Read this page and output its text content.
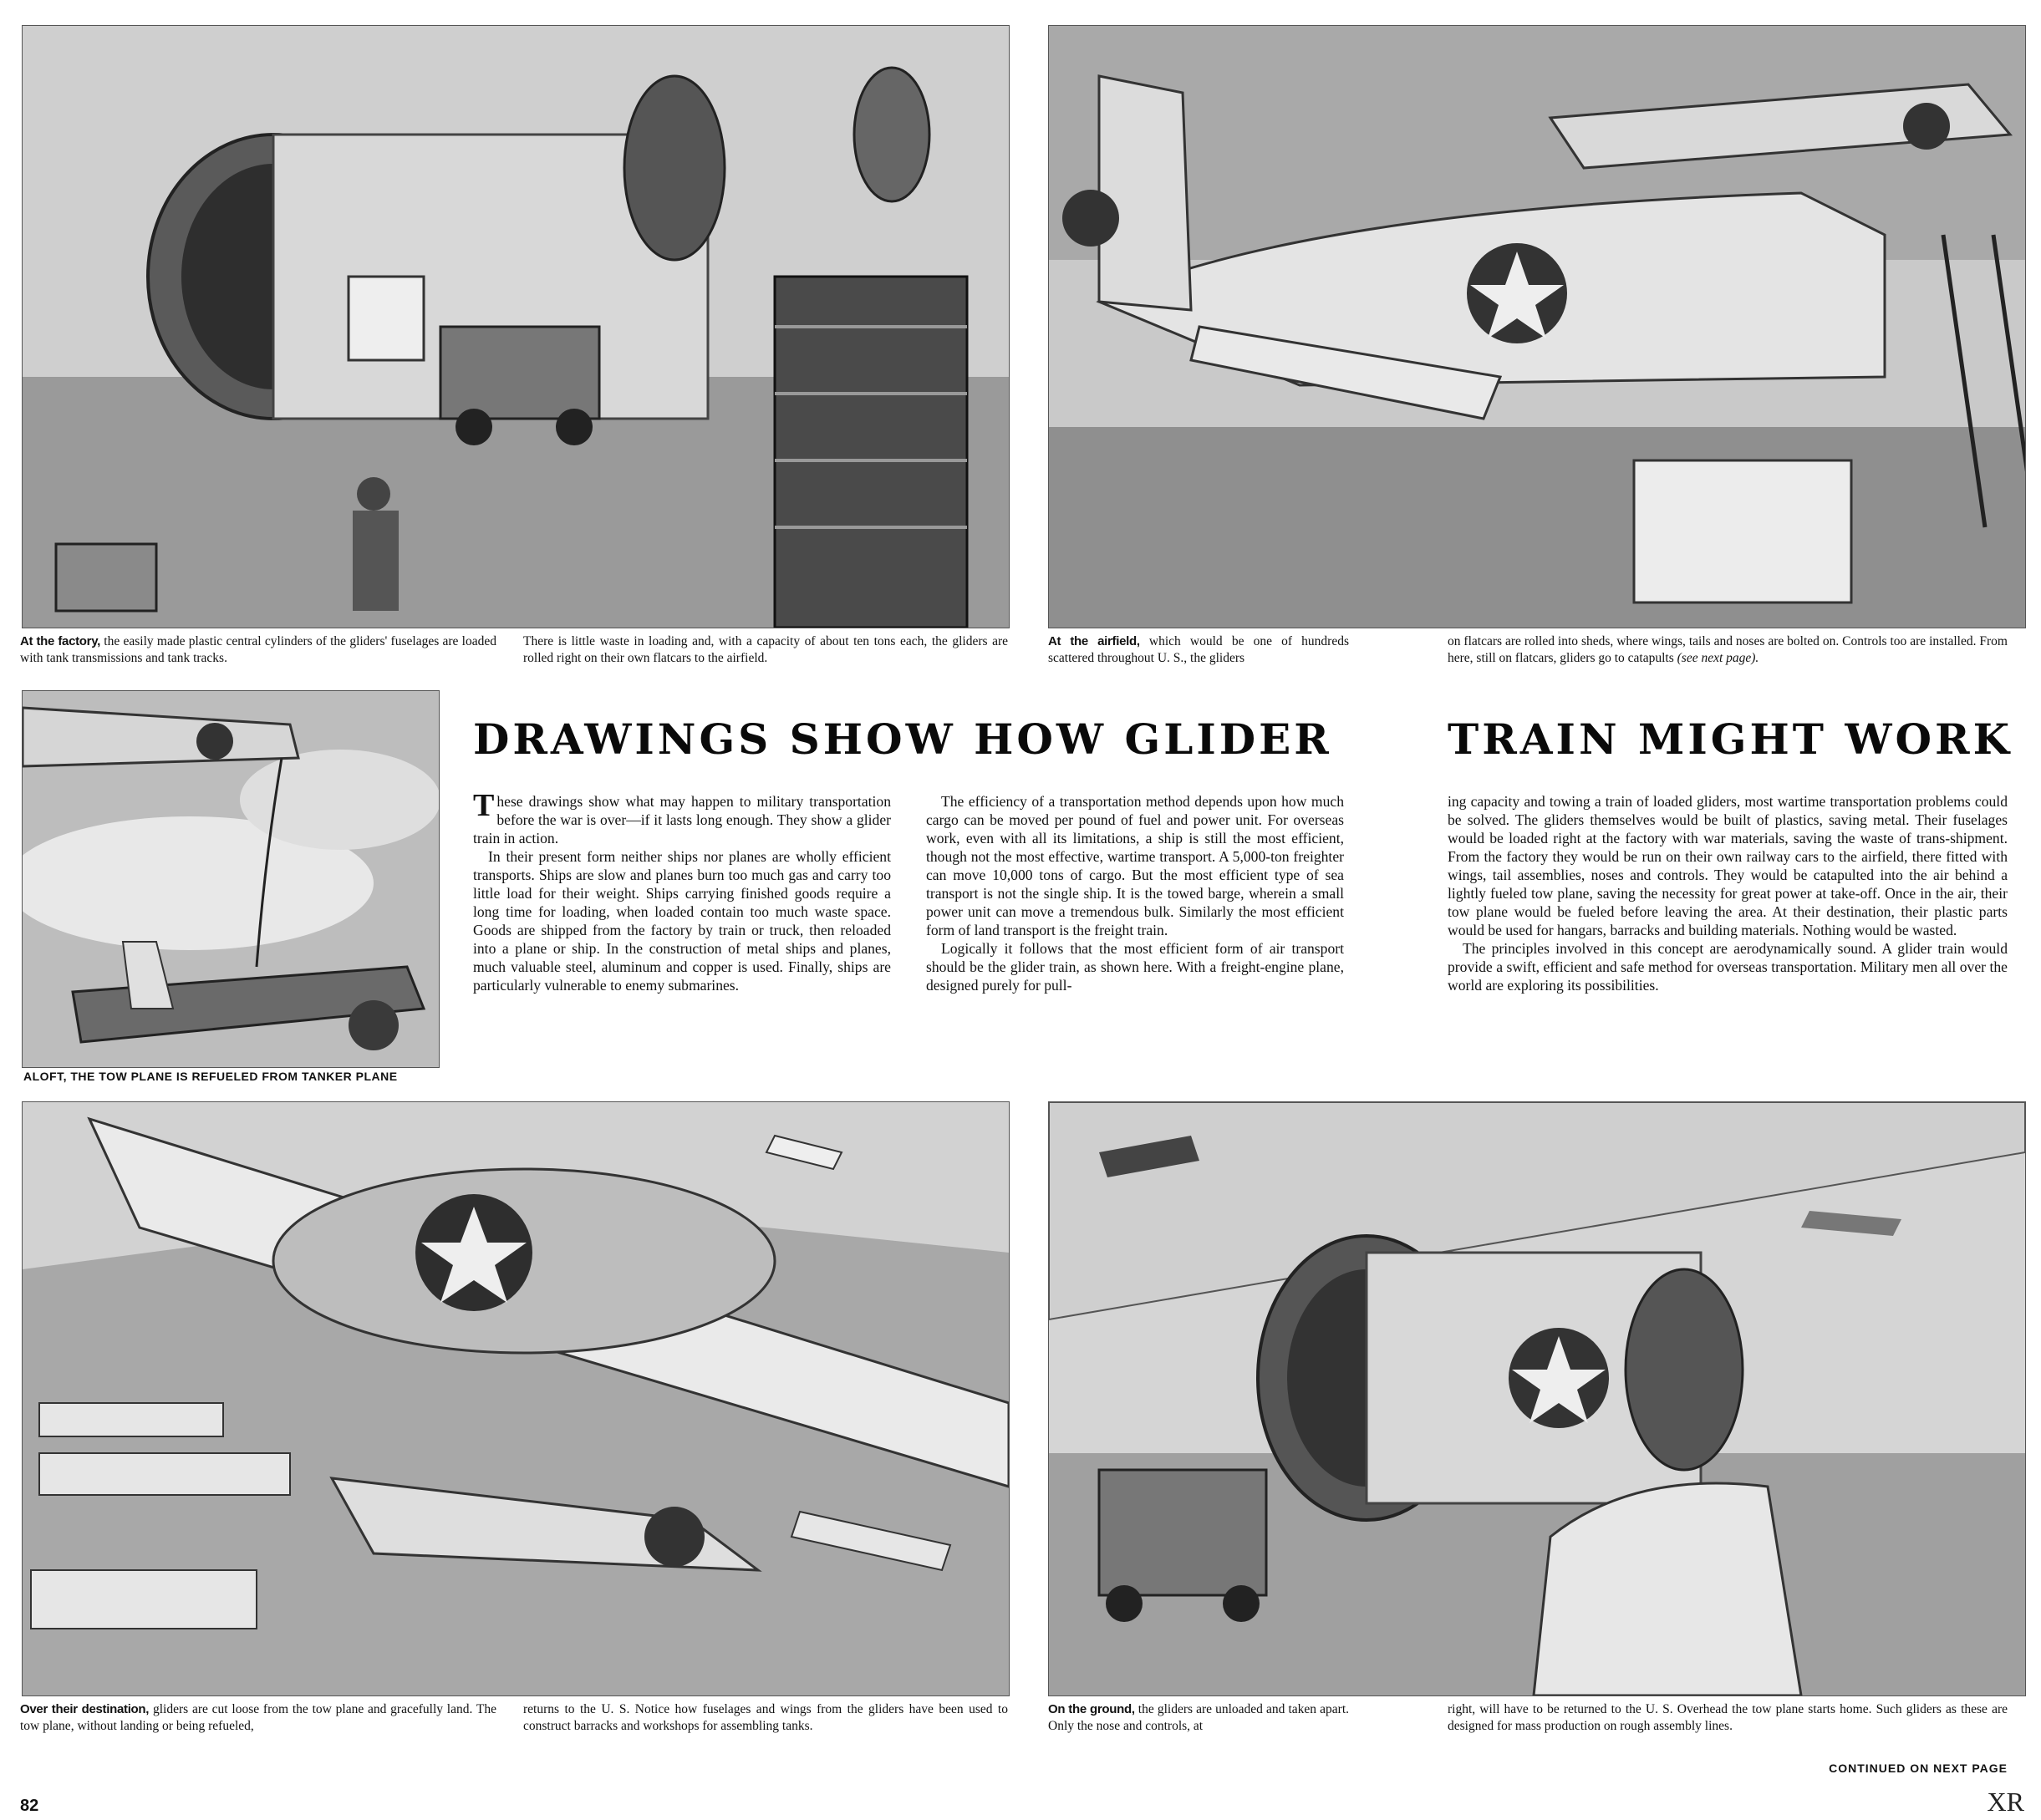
At the factory, the easily made plastic central cylinders of the gliders' fuselages are loaded with tank transmissions and tank tracks.
There is little waste in loading and, with a capacity of about ten tons each, the gliders are rolled right on their own flatcars to the airfield.
At the airfield, which would be one of hundreds scattered throughout U. S., the gliders
on flatcars are rolled into sheds, where wings, tails and noses are bolted on. Controls too are installed. From here, still on flatcars, gliders go to catapults (see next page).
ALOFT, THE TOW PLANE IS REFUELED FROM TANKER PLANE
DRAWINGS SHOW HOW GLIDER	TRAIN MIGHT WORK

These drawings show what may happen to military transportation before the war is over—if it lasts long enough. They show a glider train in action.

In their present form neither ships nor planes are wholly efficient transports. Ships are slow and planes burn too much gas and carry too little load for their weight. Ships carrying finished goods require a long time for loading, when loaded contain too much waste space. Goods are shipped from the factory by train or truck, then reloaded into a plane or ship. In the construction of metal ships and planes, much valuable steel, aluminum and copper is used. Finally, ships are particularly vulnerable to enemy submarines.

The efficiency of a transportation method depends upon how much cargo can be moved per pound of fuel and power unit. For overseas work, even with all its limitations, a ship is still the most efficient, though not the most effective, wartime transport. A 5,000-ton freighter can move 10,000 tons of cargo. But the most efficient type of sea transport is not the single ship. It is the towed barge, wherein a small power unit can move a tremendous bulk. Similarly the most efficient form of land transport is the freight train.

Logically it follows that the most efficient form of air transport should be the glider train, as shown here. With a freight-engine plane, designed purely for pull-

ing capacity and towing a train of loaded gliders, most wartime transportation problems could be solved. The gliders themselves would be built of plastics, saving metal. Their fuselages would be loaded right at the factory with war materials, saving the waste of trans-shipment. From the factory they would be run on their own railway cars to the airfield, there fitted with wings, tail assemblies, noses and controls. They would be catapulted into the air behind a lightly fueled tow plane, saving the necessity for great power at take-off. Once in the air, their tow plane would be fueled before leaving the area. At their destination, their plastic parts would be used for hangars, barracks and building materials. Nothing would be wasted.

The principles involved in this concept are aerodynamically sound. A glider train would provide a swift, efficient and safe method for overseas transportation. Military men all over the world are exploring its possibilities.

Over their destination, gliders are cut loose from the tow plane and gracefully land. The tow plane, without landing or being refueled,
returns to the U. S. Notice how fuselages and wings from the gliders have been used to construct barracks and workshops for assembling tanks.
On the ground, the gliders are unloaded and taken apart. Only the nose and controls, at
right, will have to be returned to the U. S. Overhead the tow plane starts home. Such gliders as these are designed for mass production on rough assembly lines.
CONTINUED ON NEXT PAGE
82	XR
